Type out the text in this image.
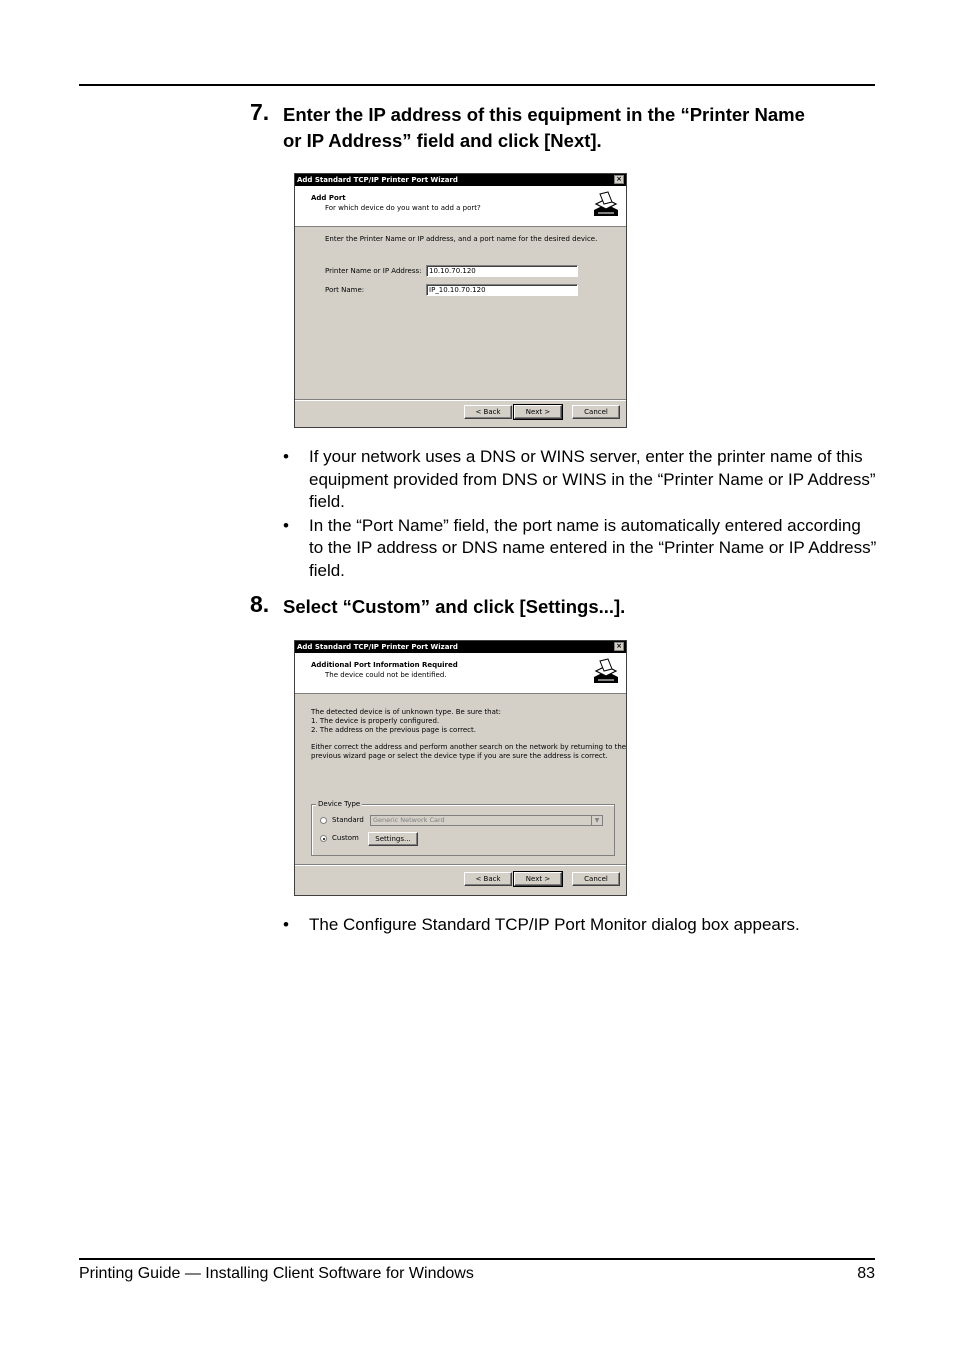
7. Enter the IP address of this equipment in the “Printer Name
or IP Address” field and click [Next].
Add Standard TCP/IP Printer Port Wizard	×
Add Port
For which device do you want to add a port?
Enter the Printer Name or IP address, and a port name for the desired device.
Printer Name or IP Address:	10.10.70.120
Port Name:	IP_10.10.70.120
< Back	Next >	Cancel
• If your network uses a DNS or WINS server, enter the printer name of this equipment provided from DNS or WINS in the “Printer Name or IP Address” field.
• In the “Port Name” field, the port name is automatically entered according to the IP address or DNS name entered in the “Printer Name or IP Address” field.
8. Select “Custom” and click [Settings...].
Add Standard TCP/IP Printer Port Wizard	×
Additional Port Information Required
The device could not be identified.
The detected device is of unknown type. Be sure that:
1. The device is properly configured.
2. The address on the previous page is correct.
Either correct the address and perform another search on the network by returning to the
previous wizard page or select the device type if you are sure the address is correct.
Device Type
Standard	Generic Network Card	▼
Custom	Settings...
< Back	Next >	Cancel
• The Configure Standard TCP/IP Port Monitor dialog box appears.
Printing Guide — Installing Client Software for Windows	83
